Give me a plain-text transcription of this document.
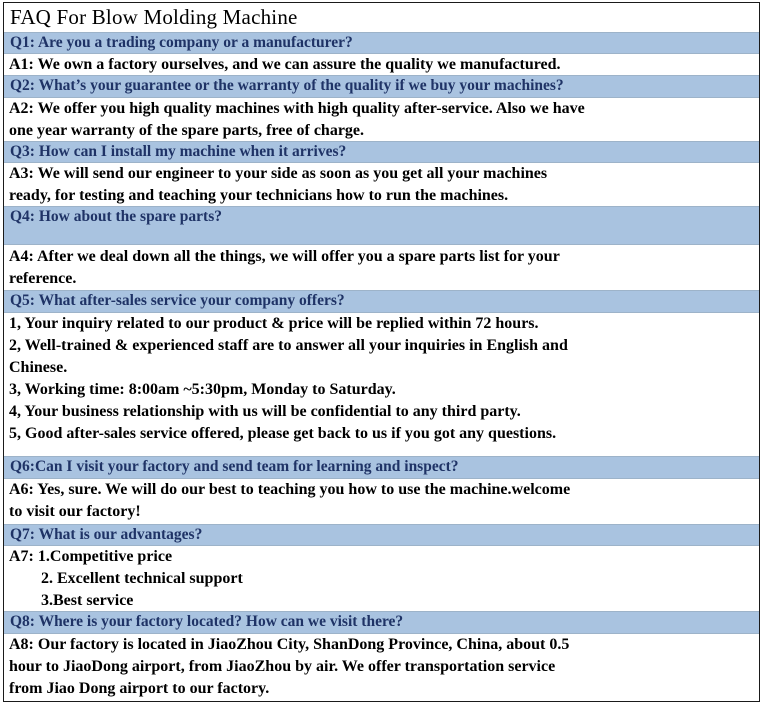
FAQ For Blow Molding Machine
Q1: Are you a trading company or a manufacturer?
A1: We own a factory ourselves, and we can assure the quality we manufactured.
Q2: What’s your guarantee or the warranty of the quality if we buy your machines?
A2: We offer you high quality machines with high quality after-service. Also we have
one year warranty of the spare parts, free of charge.
Q3: How can I install my machine when it arrives?
A3: We will send our engineer to your side as soon as you get all your machines
ready, for testing and teaching your technicians how to run the machines.
Q4: How about the spare parts?
A4: After we deal down all the things, we will offer you a spare parts list for your
reference.
Q5: What after-sales service your company offers?
1, Your inquiry related to our product & price will be replied within 72 hours.
2, Well-trained & experienced staff are to answer all your inquiries in English and
Chinese.
3, Working time: 8:00am ~5:30pm, Monday to Saturday.
4, Your business relationship with us will be confidential to any third party.
5, Good after-sales service offered, please get back to us if you got any questions.
Q6:Can I visit your factory and send team for learning and inspect?
A6: Yes, sure. We will do our best to teaching you how to use the machine.welcome
to visit our factory!
Q7: What is our advantages?
A7: 1.Competitive price
2. Excellent technical support
3.Best service
Q8: Where is your factory located? How can we visit there?
A8: Our factory is located in JiaoZhou City, ShanDong Province, China, about 0.5
hour to JiaoDong airport, from JiaoZhou by air. We offer transportation service
from Jiao Dong airport to our factory.
